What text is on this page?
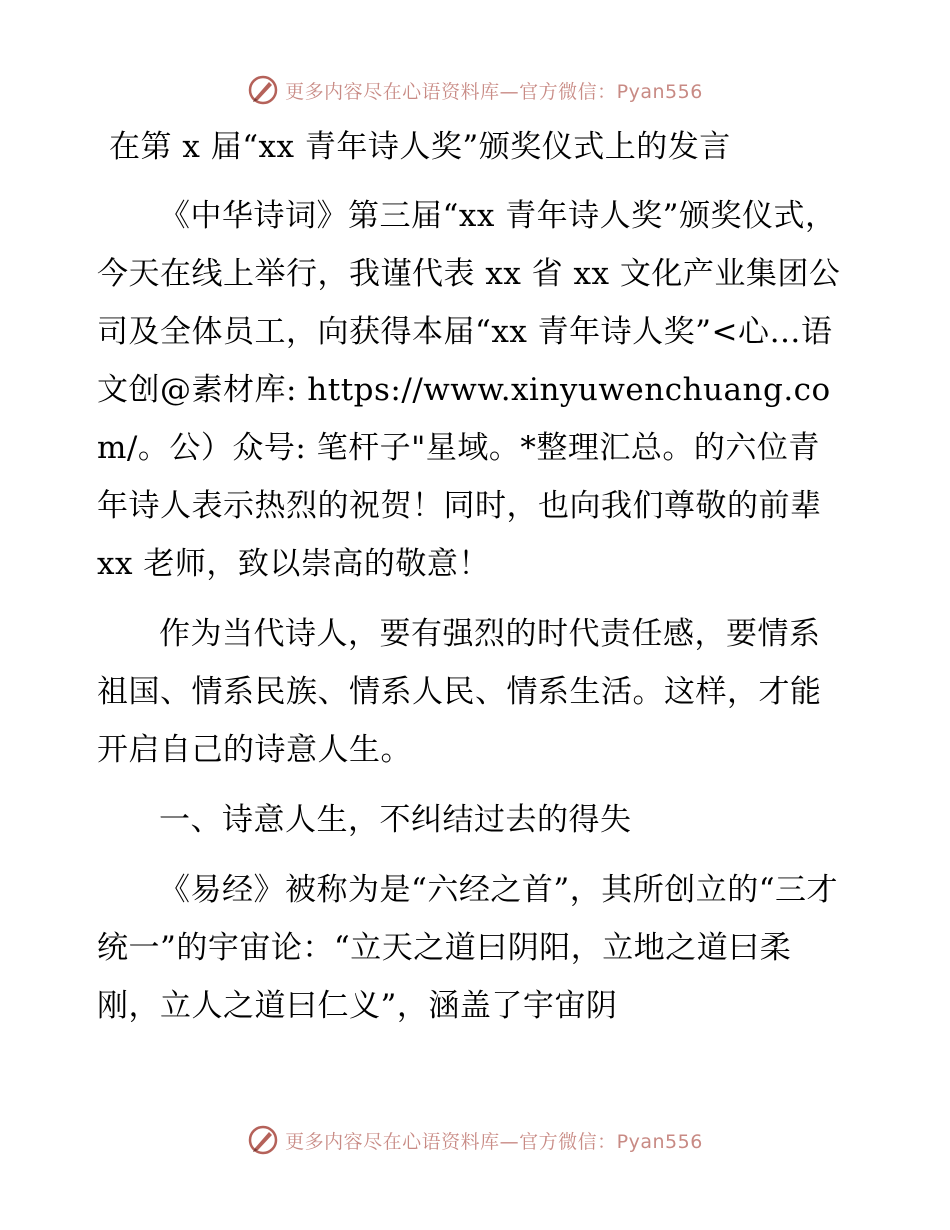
更多内容尽在心语资料库—官方微信：Pyan556
在第 x 届“xx 青年诗人奖”颁奖仪式上的发言

《中华诗词》第三届“xx 青年诗人奖”颁奖仪式，今天在线上举行，我谨代表 xx 省 xx 文化产业集团公司及全体员工，向获得本届“xx 青年诗人奖”<心…语文创@素材库: https://www.xinyuwenchuang.com/。公）众号: 笔杆子"星域。*整理汇总。的六位青年诗人表示热烈的祝贺！同时，也向我们尊敬的前辈 xx 老师，致以崇高的敬意！

作为当代诗人，要有强烈的时代责任感，要情系祖国、情系民族、情系人民、情系生活。这样，才能开启自己的诗意人生。

一、诗意人生，不纠结过去的得失

《易经》被称为是“六经之首”，其所创立的“三才统一”的宇宙论：“立天之道曰阴阳，立地之道曰柔刚，立人之道曰仁义”，涵盖了宇宙阴

更多内容尽在心语资料库—官方微信：Pyan556
